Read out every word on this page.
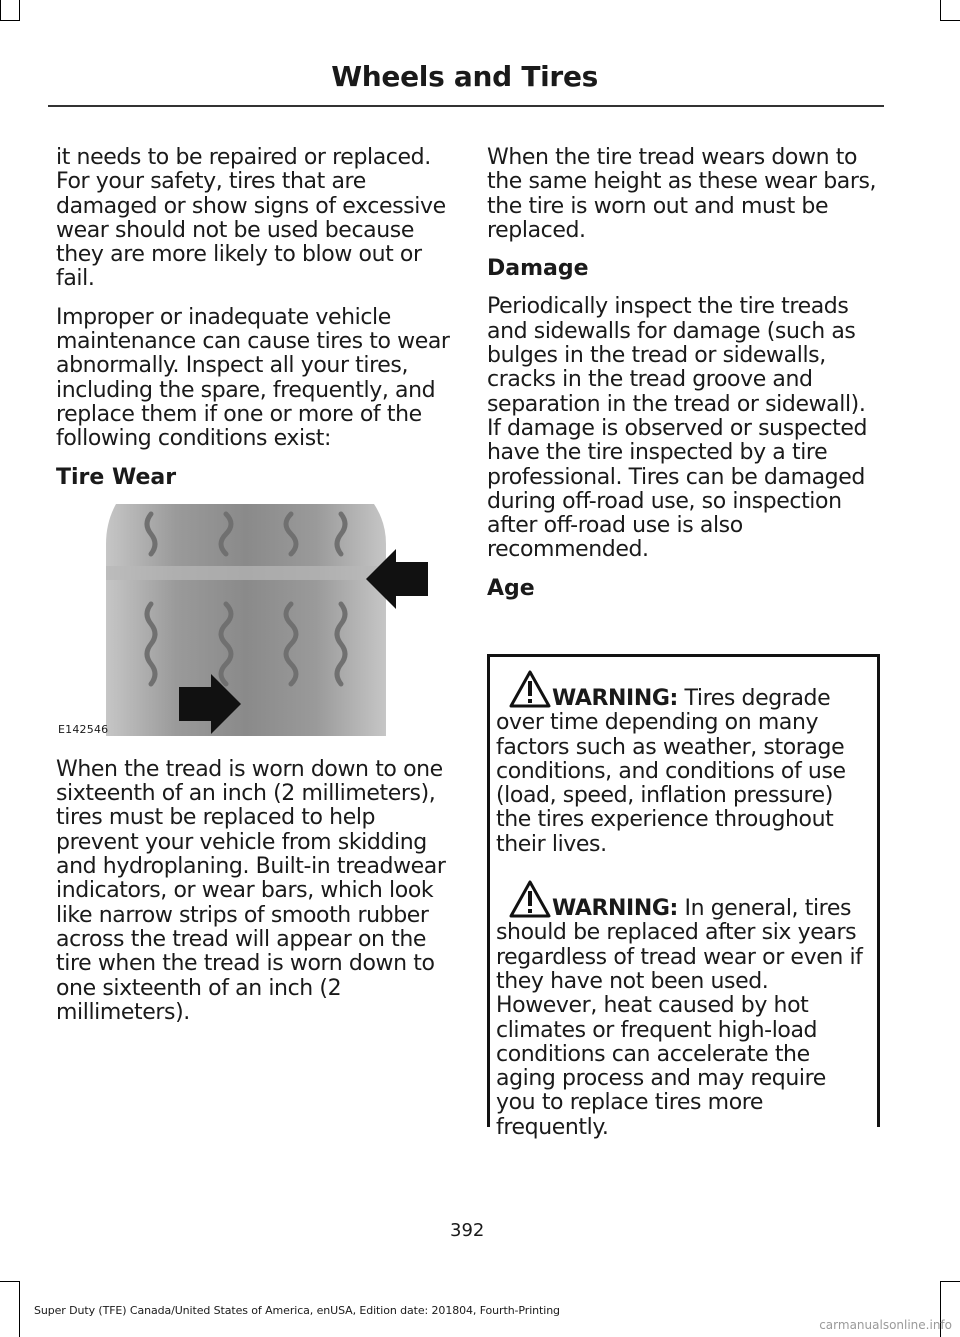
Wheels and Tires

it needs to be repaired or replaced. For your safety, tires that are damaged or show signs of excessive wear should not be used because they are more likely to blow out or fail.

Improper or inadequate vehicle maintenance can cause tires to wear abnormally. Inspect all your tires, including the spare, frequently, and replace them if one or more of the following conditions exist:

Tire Wear
E142546

When the tread is worn down to one sixteenth of an inch (2 millimeters), tires must be replaced to help prevent your vehicle from skidding and hydroplaning. Built-in treadwear indicators, or wear bars, which look like narrow strips of smooth rubber across the tread will appear on the tire when the tread is worn down to one sixteenth of an inch (2 millimeters).

When the tire tread wears down to the same height as these wear bars, the tire is worn out and must be replaced.

Damage

Periodically inspect the tire treads and sidewalls for damage (such as bulges in the tread or sidewalls, cracks in the tread groove and separation in the tread or sidewall). If damage is observed or suspected have the tire inspected by a tire professional. Tires can be damaged during off-road use, so inspection after off-road use is also recommended.

Age

WARNING: Tires degrade over time depending on many factors such as weather, storage conditions, and conditions of use (load, speed, inflation pressure) the tires experience throughout their lives.

WARNING: In general, tires should be replaced after six years regardless of tread wear or even if they have not been used. However, heat caused by hot climates or frequent high-load conditions can accelerate the aging process and may require you to replace tires more frequently.

392
Super Duty (TFE) Canada/United States of America, enUSA, Edition date: 201804, Fourth-Printing
carmanualsonline.info
